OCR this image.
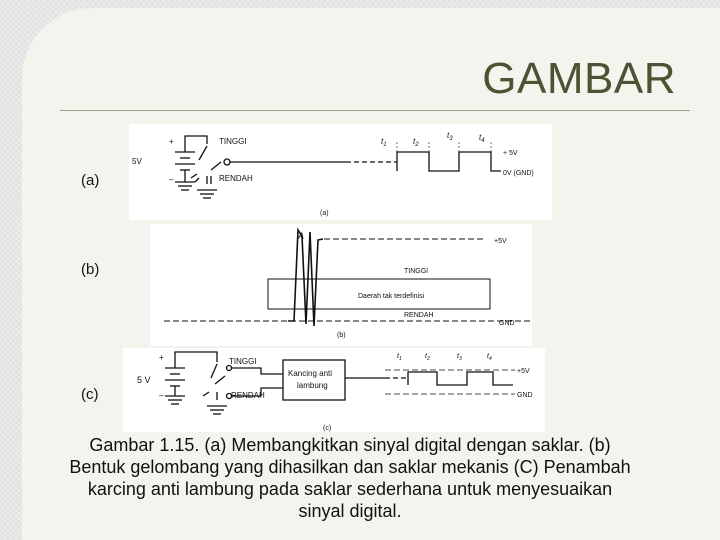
GAMBAR
(a)
(b)
(c)
+
–
5V
TINGGI
RENDAH
$t_1$	$t_2$
$t_3$	$t_4$
+ 5V
0V (GND)
(a)
A
+5V
TINGGI
Daerah tak terdefinisi
RENDAH
GND
(b)
+
–
5 V
TINGGI
RENDAH
Kancing anti
lambung
$t_1$	$t_2$	$t_3$	$t_4$
+5V
GND
(c)
Gambar 1.15. (a) Membangkitkan sinyal digital dengan saklar. (b) Bentuk gelombang yang dihasilkan dan saklar mekanis (C) Penambah karcing anti lambung pada saklar sederhana untuk menyesuaikan sinyal digital.
